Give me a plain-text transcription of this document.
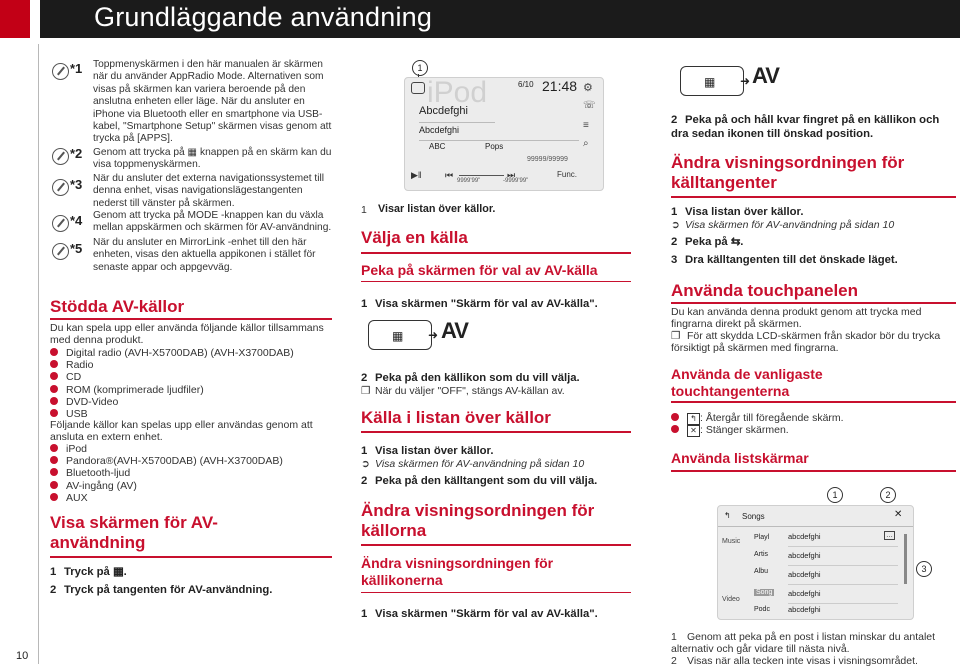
Grundläggande användning
10
*1 Toppmenyskärmen i den här manualen är skärmen när du använder AppRadio Mode. Alternativen som visas på skärmen kan variera beroende på den anslutna enheten eller läge. När du ansluter en iPhone via Bluetooth eller en smartphone via USB-kabel, "Smartphone Setup" skärmen visas genom att trycka på [APPS].
*2 Genom att trycka på ▦ knappen på en skärm kan du visa toppmenyskärmen.
*3 När du ansluter det externa navigationssystemet till denna enhet, visas navigationslägestangenten nederst till vänster på skärmen.
*4 Genom att trycka på MODE -knappen kan du växla mellan appskärmen och skärmen för AV-användning.
*5 När du ansluter en MirrorLink -enhet till den här enheten, visas den aktuella appikonen i stället för senaste appar och appgevväg.
Stödda AV-källor
Du kan spela upp eller använda följande källor tillsammans med denna produkt.
Digital radio (AVH-X5700DAB) (AVH-X3700DAB)
Radio
CD
ROM (komprimerade ljudfiler)
DVD-Video
USB
Följande källor kan spelas upp eller användas genom att ansluta en extern enhet.
iPod
Pandora®(AVH-X5700DAB) (AVH-X3700DAB)
Bluetooth-ljud
AV-ingång (AV)
AUX
Visa skärmen för AV-användning
1 Tryck på ▦.
2 Tryck på tangenten för AV-användning.
1
iPod
Abcdefghi
Abcdefghi
ABC	Pops
6/10 21:48 ⚙
☏
≡
⌕
99999/99999
▶‖	⏮	⏭
9999'99"	-9999'99"
Func.
1 Visar listan över källor.
Välja en källa
Peka på skärmen för val av AV-källa
1 Visa skärmen "Skärm för val av AV-källa".
▦ ➜ AV
2 Peka på den källikon som du vill välja.
❐ När du väljer "OFF", stängs AV-källan av.
Källa i listan över källor
1 Visa listan över källor.
➲ Visa skärmen för AV-användning på sidan 10
2 Peka på den källtangent som du vill välja.
Ändra visningsordningen för källorna
Ändra visningsordningen för källikonerna
1 Visa skärmen "Skärm för val av AV-källa".
▦ ➜ AV
2 Peka på och håll kvar fingret på en källikon och dra sedan ikonen till önskad position.
Ändra visningsordningen för källtangenter
1 Visa listan över källor.
➲ Visa skärmen för AV-användning på sidan 10
2 Peka på ⇆.
3 Dra källtangenten till det önskade läget.
Använda touchpanelen
Du kan använda denna produkt genom att trycka med fingrarna direkt på skärmen.
❐ För att skydda LCD-skärmen från skador bör du trycka försiktigt på skärmen med fingrarna.
Använda de vanligaste touchtangenterna
↰ : Återgår till föregående skärm.
✕ : Stänger skärmen.
Använda listskärmar
1	2
3
↰ Songs	✕
Music
Video
Playl
Artis
Albu
Song
Podc
abcdefghi	…
abcdefghi
abcdefghi
abcdefghi
abcdefghi
1 Genom att peka på en post i listan minskar du antalet alternativ och går vidare till nästa nivå.
2 Visas när alla tecken inte visas i visningsområdet.
